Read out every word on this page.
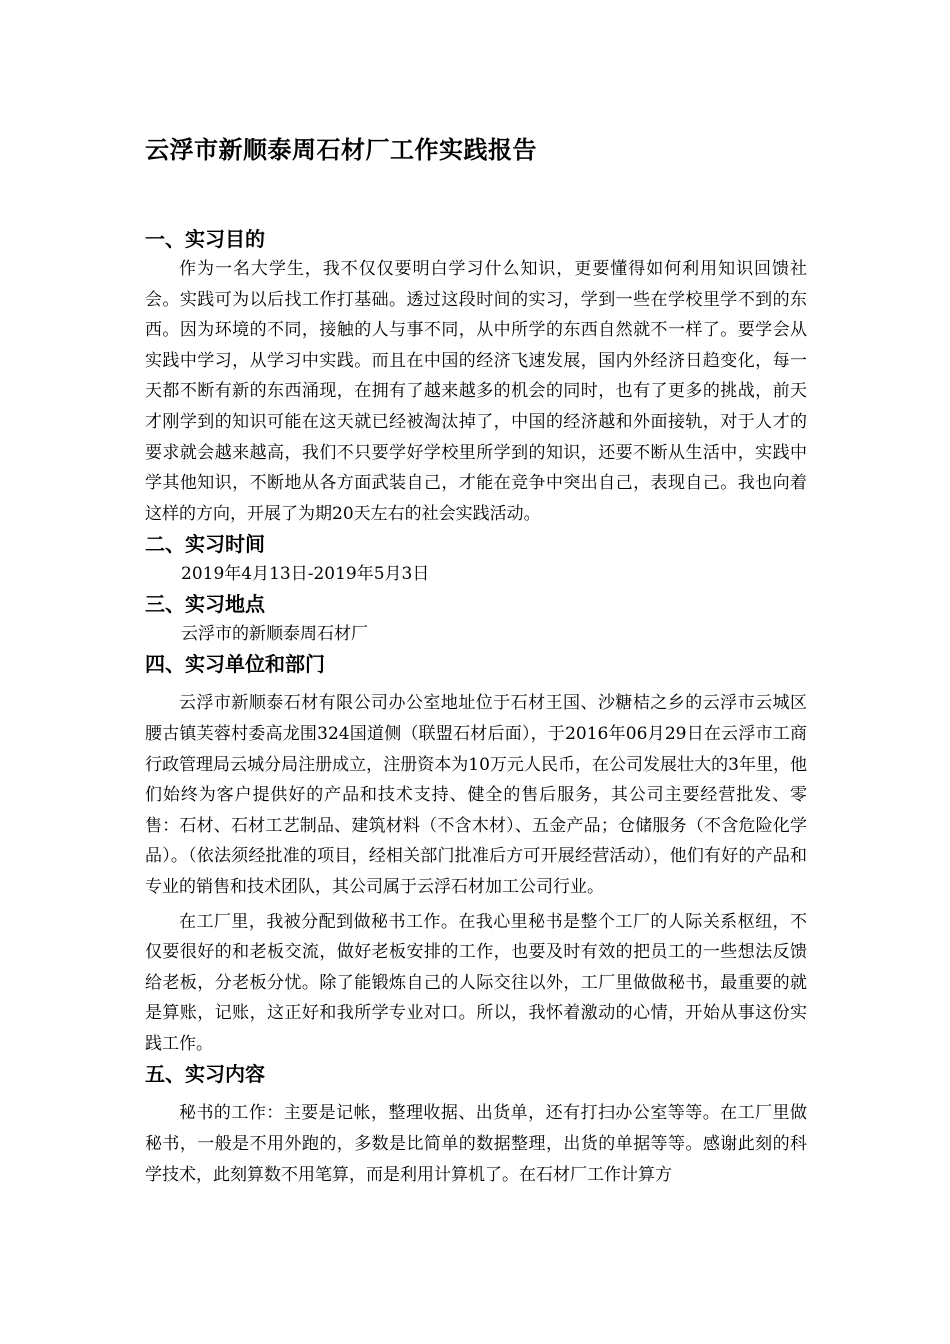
云浮市新顺泰周石材厂工作实践报告
一、实习目的

作为一名大学生，我不仅仅要明白学习什么知识，更要懂得如何利用知识回馈社会。实践可为以后找工作打基础。透过这段时间的实习，学到一些在学校里学不到的东西。因为环境的不同，接触的人与事不同，从中所学的东西自然就不一样了。要学会从实践中学习，从学习中实践。而且在中国的经济飞速发展，国内外经济日趋变化，每一天都不断有新的东西涌现，在拥有了越来越多的机会的同时，也有了更多的挑战，前天才刚学到的知识可能在这天就已经被淘汰掉了，中国的经济越和外面接轨，对于人才的要求就会越来越高，我们不只要学好学校里所学到的知识，还要不断从生活中，实践中学其他知识，不断地从各方面武装自己，才能在竞争中突出自己，表现自己。我也向着这样的方向，开展了为期20天左右的社会实践活动。

二、实习时间

2019年4月13日-2019年5月3日

三、实习地点

云浮市的新顺泰周石材厂

四、实习单位和部门

云浮市新顺泰石材有限公司办公室地址位于石材王国、沙糖桔之乡的云浮市云城区腰古镇芙蓉村委高龙围324国道侧（联盟石材后面），于2016年06月29日在云浮市工商行政管理局云城分局注册成立，注册资本为10万元人民币，在公司发展壮大的3年里，他们始终为客户提供好的产品和技术支持、健全的售后服务，其公司主要经营批发、零售：石材、石材工艺制品、建筑材料（不含木材）、五金产品；仓储服务（不含危险化学品）。（依法须经批准的项目，经相关部门批准后方可开展经营活动），他们有好的产品和专业的销售和技术团队，其公司属于云浮石材加工公司行业。

在工厂里，我被分配到做秘书工作。在我心里秘书是整个工厂的人际关系枢纽，不仅要很好的和老板交流，做好老板安排的工作，也要及时有效的把员工的一些想法反馈给老板，分老板分忧。除了能锻炼自己的人际交往以外，工厂里做做秘书，最重要的就是算账，记账，这正好和我所学专业对口。所以，我怀着激动的心情，开始从事这份实践工作。

五、实习内容

秘书的工作：主要是记帐，整理收据、出货单，还有打扫办公室等等。在工厂里做秘书，一般是不用外跑的，多数是比简单的数据整理，出货的单据等等。感谢此刻的科学技术，此刻算数不用笔算，而是利用计算机了。在石材厂工作计算方
